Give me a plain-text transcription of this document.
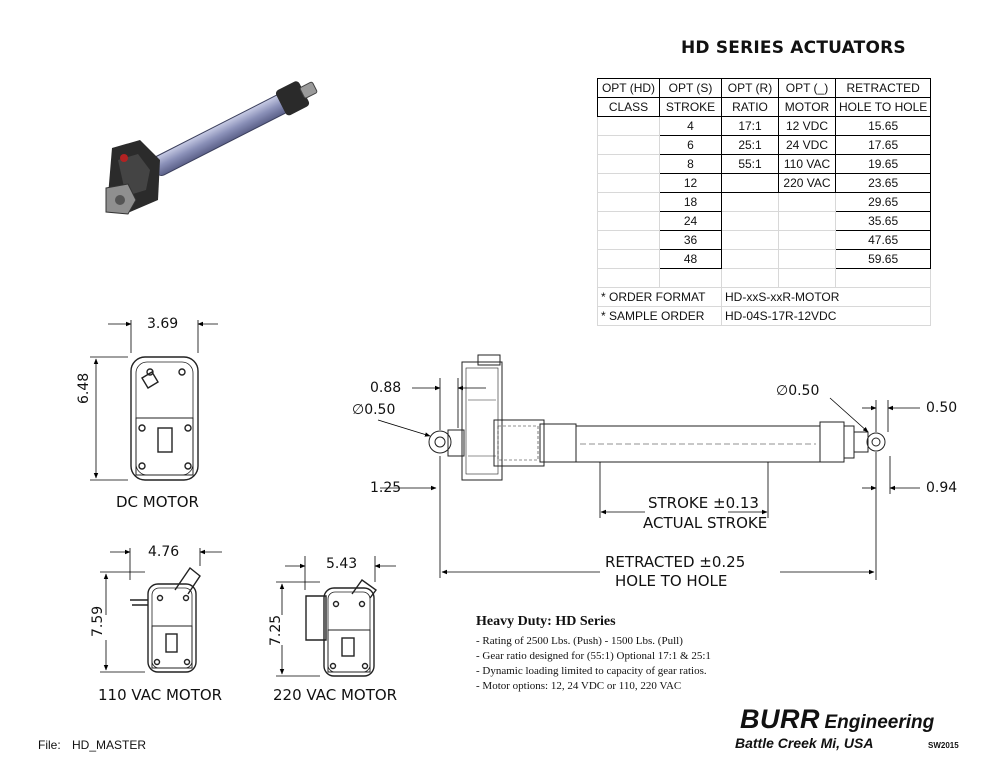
HD SERIES ACTUATORS
OPT (HD)	OPT (S)	OPT (R)	OPT (_)	RETRACTED
CLASS	STROKE	RATIO	MOTOR	HOLE TO HOLE
	4	17:1	12 VDC	15.65
	6	25:1	24 VDC	17.65
	8	55:1	110 VAC	19.65
	12		220 VAC	23.65
	18			29.65
	24			35.65
	36			47.65
	48			59.65

* ORDER FORMAT		HD-xxS-xxR-MOTOR		
* SAMPLE ORDER		HD-04S-17R-12VDC		
3.69
6.48
DC MOTOR
4.76
7.59
110 VAC MOTOR
5.43
7.25
220 VAC MOTOR
0.88
∅0.50
1.25
∅0.50
0.50
0.94
STROKE ±0.13
ACTUAL STROKE
RETRACTED ±0.25
HOLE TO HOLE
Heavy Duty: HD Series
- Rating of 2500 Lbs. (Push) - 1500 Lbs. (Pull)
- Gear ratio designed for (55:1) Optional 17:1 & 25:1
- Dynamic loading limited to capacity of gear ratios.
- Motor options: 12, 24 VDC or 110, 220 VAC
BURR Engineering
Battle Creek Mi, USA	SW2015
File: HD_MASTER
